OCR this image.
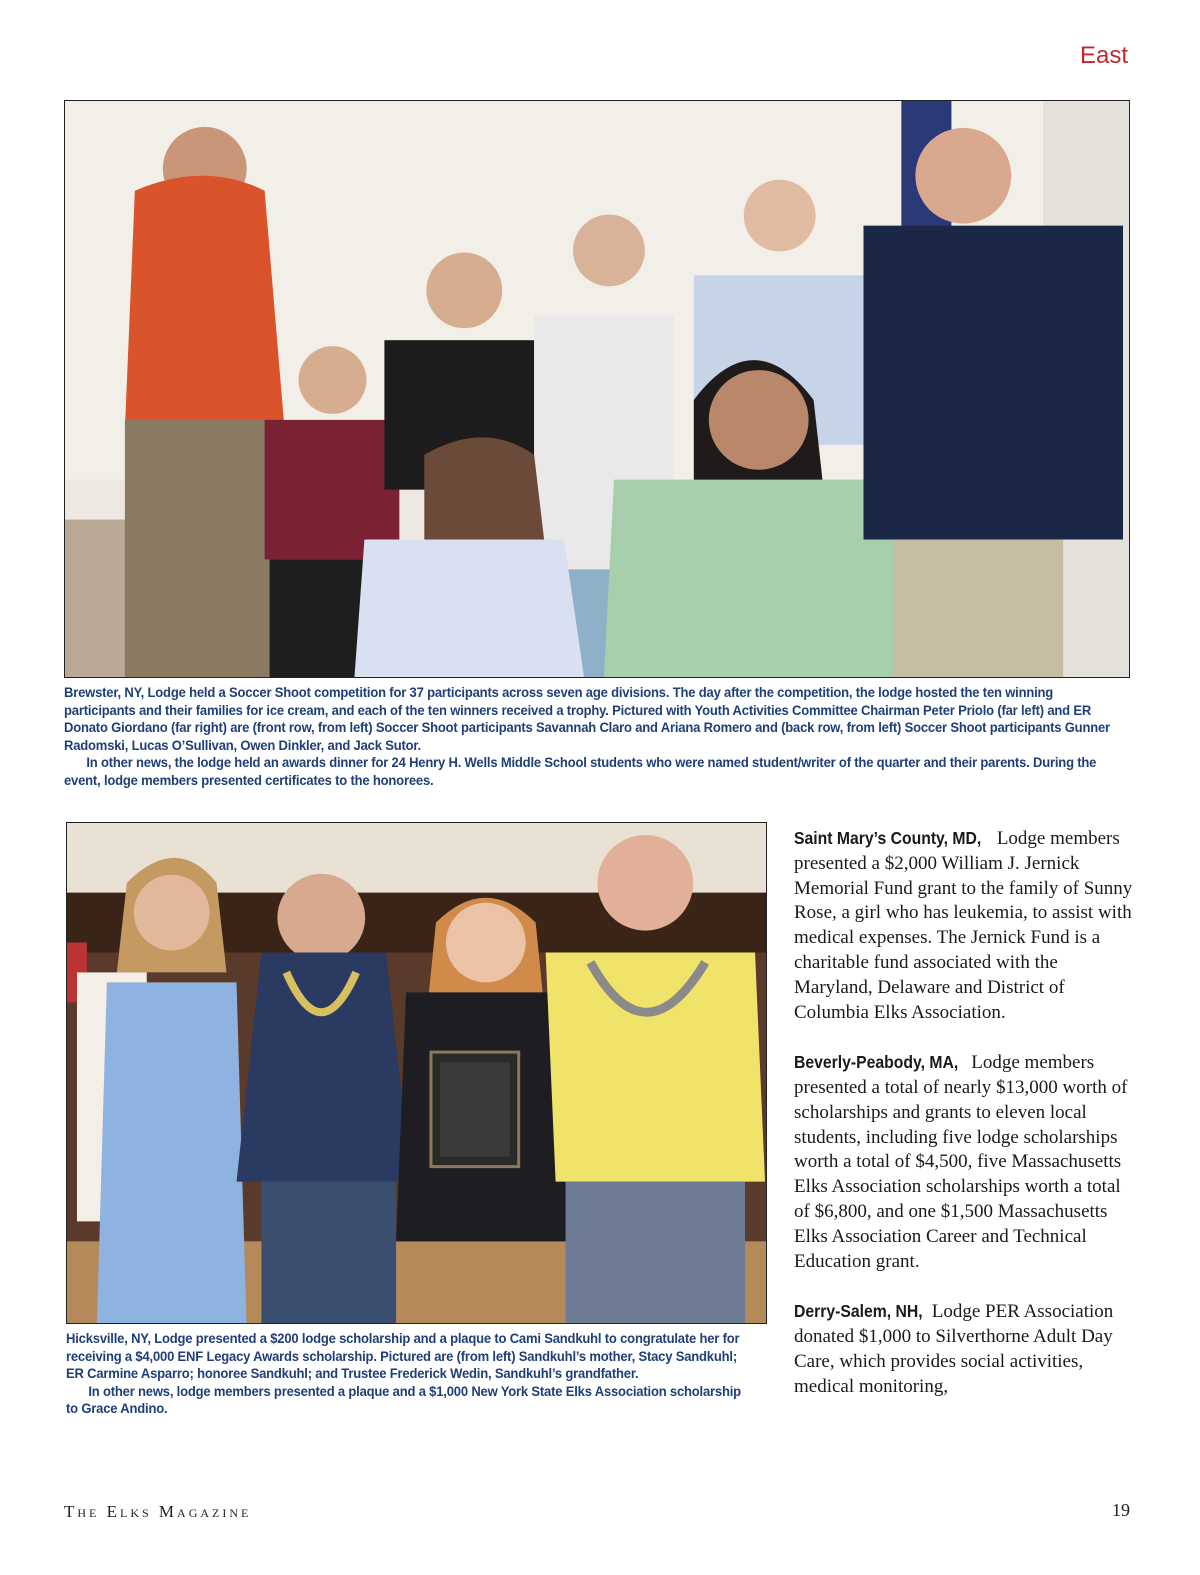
East

Brewster, NY, Lodge held a Soccer Shoot competition for 37 participants across seven age divisions. The day after the competition, the lodge hosted the ten winning participants and their families for ice cream, and each of the ten winners received a trophy. Pictured with Youth Activities Committee Chairman Peter Priolo (far left) and ER Donato Giordano (far right) are (front row, from left) Soccer Shoot participants Savannah Claro and Ariana Romero and (back row, from left) Soccer Shoot participants Gunner Radomski, Lucas O’Sullivan, Owen Dinkler, and Jack Sutor.

In other news, the lodge held an awards dinner for 24 Henry H. Wells Middle School students who were named student/writer of the quarter and their parents. During the event, lodge members presented certificates to the honorees.

Hicksville, NY, Lodge presented a $200 lodge scholarship and a plaque to Cami Sandkuhl to congratulate her for receiving a $4,000 ENF Legacy Awards scholarship. Pictured are (from left) Sandkuhl’s mother, Stacy Sandkuhl; ER Carmine Asparro; honoree Sandkuhl; and Trustee Frederick Wedin, Sandkuhl’s grandfather.

In other news, lodge members presented a plaque and a $1,000 New York State Elks Association scholarship to Grace Andino.

Saint Mary’s County, MD, Lodge members presented a $2,000 William J. Jernick Memorial Fund grant to the family of Sunny Rose, a girl who has leukemia, to assist with medical expenses. The Jernick Fund is a charitable fund associated with the Maryland, Delaware and District of Columbia Elks Association.
Beverly-Peabody, MA, Lodge members presented a total of nearly $13,000 worth of scholarships and grants to eleven local students, including five lodge scholarships worth a total of $4,500, five Massachusetts Elks Association scholarships worth a total of $6,800, and one $1,500 Massachusetts Elks Association Career and Technical Education grant.
Derry-Salem, NH, Lodge PER Association donated $1,000 to Silverthorne Adult Day Care, which provides social activities, medical monitoring,
The Elks Magazine	19
